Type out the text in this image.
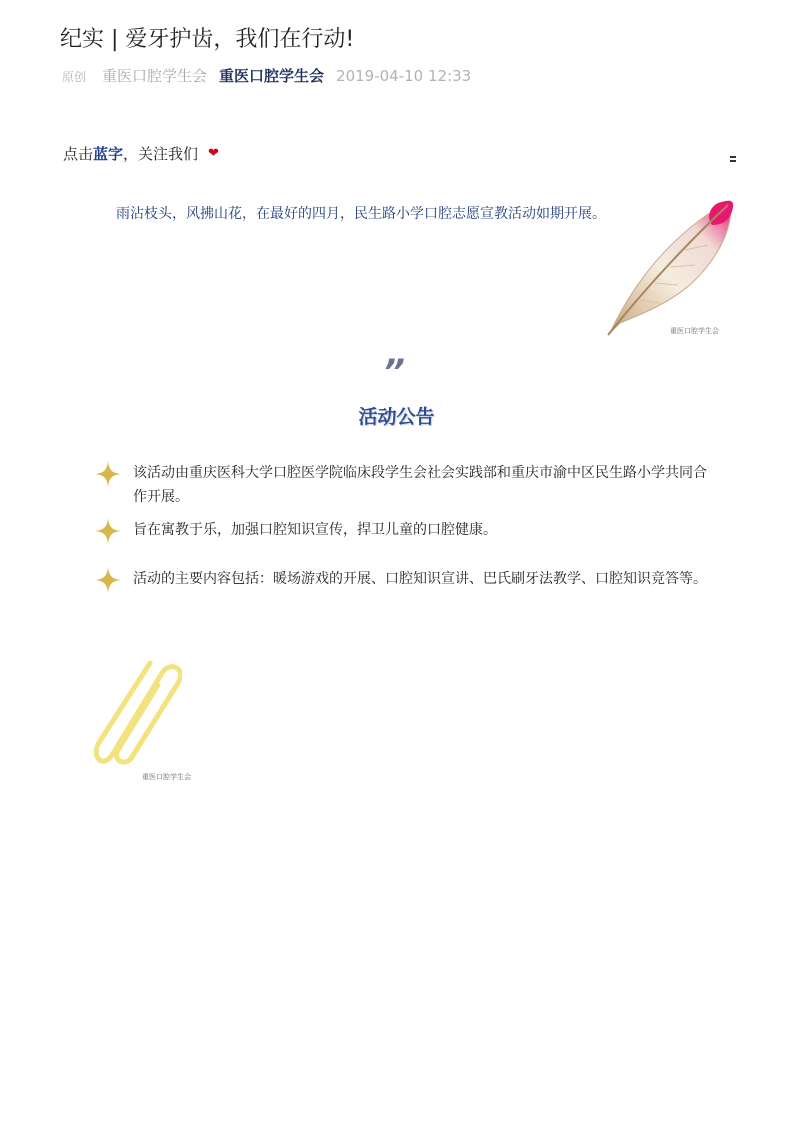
纪实 | 爱牙护齿，我们在行动!
原创 重医口腔学生会 重医口腔学生会 2019-04-10 12:33
点击 蓝字 ，关注我们 ❤
雨沾枝头，风拂山花，在最好的四月，民生路小学口腔志愿宣教活动如期开展。
重医口腔学生会
”
活动公告
该活动由重庆医科大学口腔医学院临床段学生会社会实践部和重庆市渝中区民生路小学共同合作开展。
旨在寓教于乐，加强口腔知识宣传，捍卫儿童的口腔健康。
活动的主要内容包括：暖场游戏的开展、口腔知识宣讲、巴氏刷牙法教学、口腔知识竞答等。
重医口腔学生会
